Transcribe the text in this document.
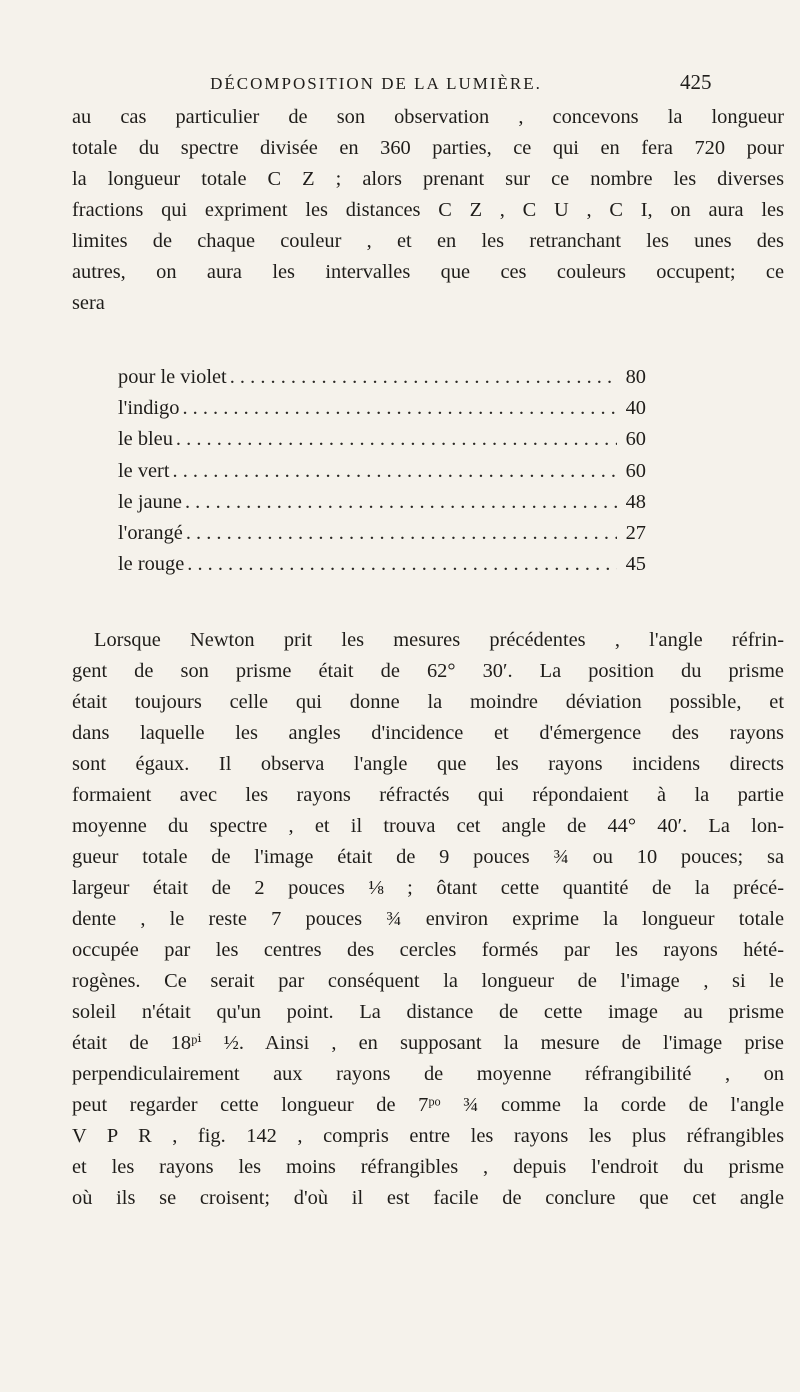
DÉCOMPOSITION DE LA LUMIÈRE.	425

au cas particulier de son observation , concevons la longueur
totale du spectre divisée en 360 parties, ce qui en fera 720 pour
la longueur totale C Z ; alors prenant sur ce nombre les diverses
fractions qui expriment les distances C Z , C U , C I, on aura les
limites de chaque couleur , et en les retranchant les unes des
autres, on aura les intervalles que ces couleurs occupent; ce
sera

pour le violet . . .	80
l'indigo . . .	40
le bleu . . .	60
le vert . . .	60
le jaune . . .	48
l'orangé . . .	27
le rouge . . .	45

Lorsque Newton prit les mesures précédentes , l'angle réfrin-
gent de son prisme était de 62° 30′. La position du prisme
était toujours celle qui donne la moindre déviation possible, et
dans laquelle les angles d'incidence et d'émergence des rayons
sont égaux. Il observa l'angle que les rayons incidens directs
formaient avec les rayons réfractés qui répondaient à la partie
moyenne du spectre , et il trouva cet angle de 44° 40′. La lon-
gueur totale de l'image était de 9 pouces ¾ ou 10 pouces; sa
largeur était de 2 pouces ⅛ ; ôtant cette quantité de la précé-
dente , le reste 7 pouces ¾ environ exprime la longueur totale
occupée par les centres des cercles formés par les rayons hété-
rogènes. Ce serait par conséquent la longueur de l'image , si le
soleil n'était qu'un point. La distance de cette image au prisme
était de 18ᵖⁱ ½. Ainsi , en supposant la mesure de l'image prise
perpendiculairement aux rayons de moyenne réfrangibilité , on
peut regarder cette longueur de 7ᵖᵒ ¾ comme la corde de l'angle
V P R , fig. 142 , compris entre les rayons les plus réfrangibles
et les rayons les moins réfrangibles , depuis l'endroit du prisme
où ils se croisent; d'où il est facile de conclure que cet angle
